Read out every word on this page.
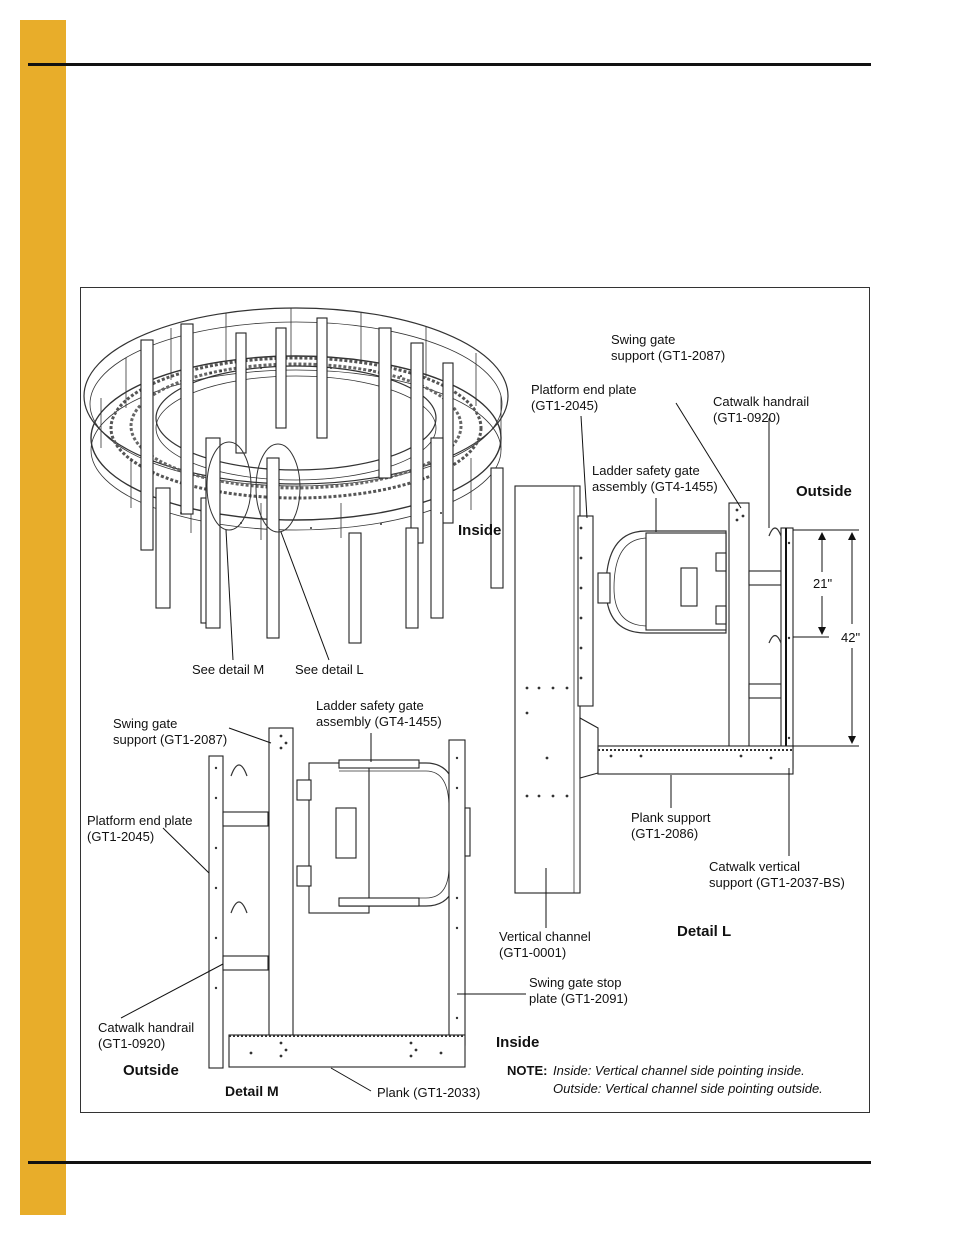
See detail M See detail L
Swing gate
support (GT1-2087)
Platform end plate
(GT1-2045)	Catwalk handrail
(GT1-0920)
Ladder safety gate
assembly (GT4-1455)
Inside
Outside
21"
42"
Plank support
(GT1-2086)
Catwalk vertical
support (GT1-2037-BS)
Vertical channel
(GT1-0001)
Detail L
Swing gate
support (GT1-2087)
Ladder safety gate
assembly (GT4-1455)
Platform end plate
(GT1-2045)
Catwalk handrail
(GT1-0920)
Swing gate stop
plate (GT1-2091)
Inside
Outside
Detail M	Plank (GT1-2033)
NOTE: Inside: Vertical channel side pointing inside.
Outside: Vertical channel side pointing outside.
